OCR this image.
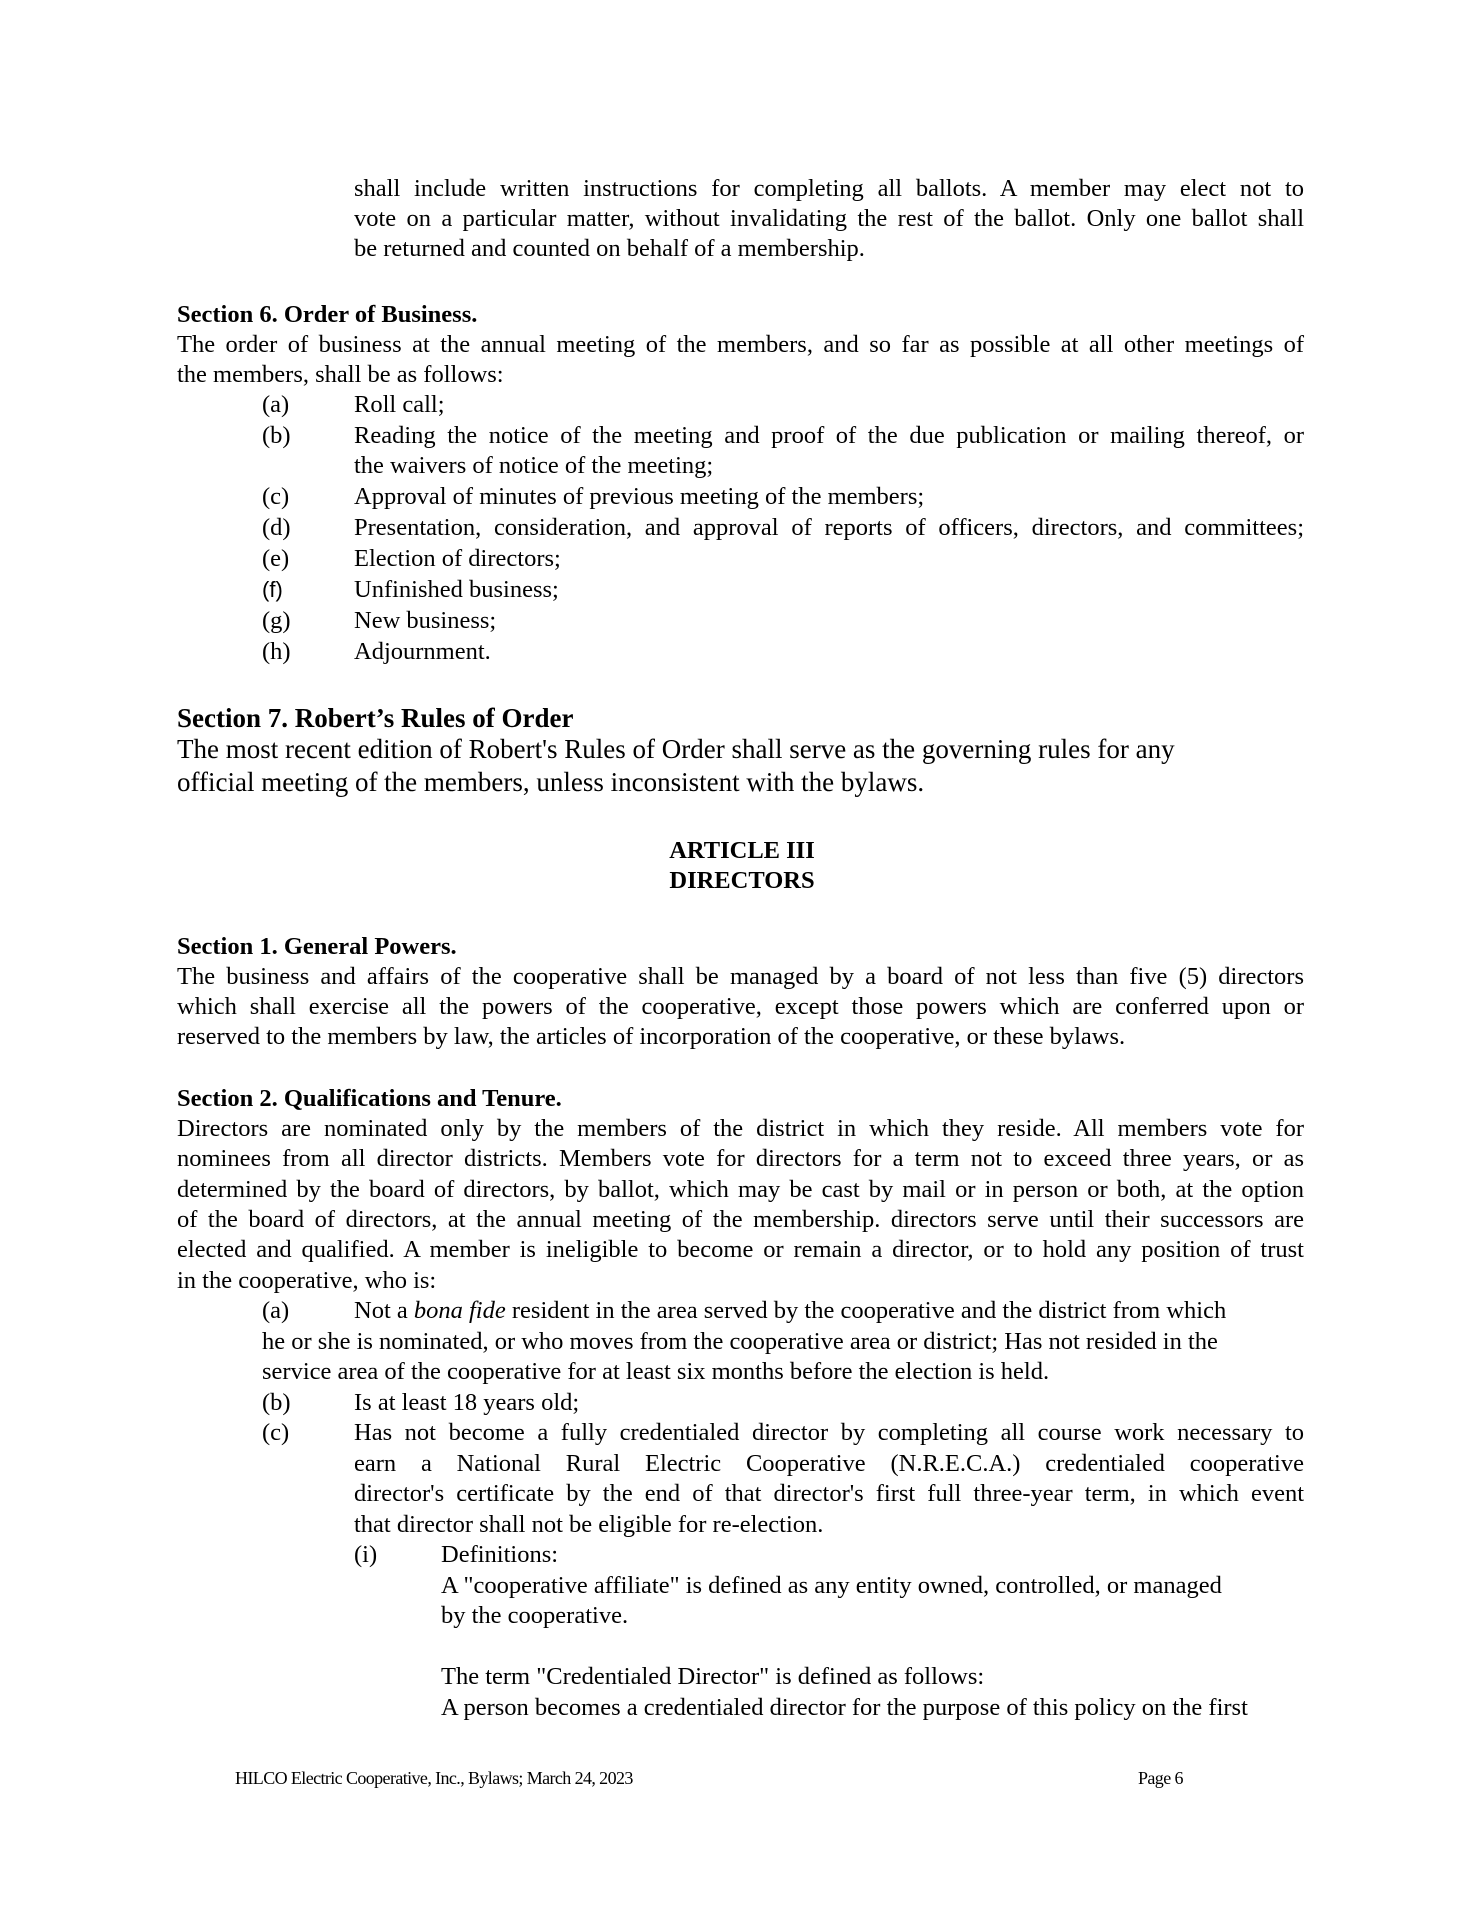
shall include written instructions for completing all ballots. A member may elect not to
vote on a particular matter, without invalidating the rest of the ballot. Only one ballot shall
be returned and counted on behalf of a membership.
Section 6. Order of Business.
The order of business at the annual meeting of the members, and so far as possible at all other meetings of
the members, shall be as follows:
(a)	Roll call;
(b)	Reading the notice of the meeting and proof of the due publication or mailing thereof, or
the waivers of notice of the meeting;
(c)	Approval of minutes of previous meeting of the members;
(d)	Presentation, consideration, and approval of reports of officers, directors, and committees;
(e)	Election of directors;
(f)	Unfinished business;
(g)	New business;
(h)	Adjournment.
Section 7. Robert’s Rules of Order
The most recent edition of Robert's Rules of Order shall serve as the governing rules for any
official meeting of the members, unless inconsistent with the bylaws.
ARTICLE III
DIRECTORS
Section 1. General Powers.
The business and affairs of the cooperative shall be managed by a board of not less than five (5) directors
which shall exercise all the powers of the cooperative, except those powers which are conferred upon or
reserved to the members by law, the articles of incorporation of the cooperative, or these bylaws.
Section 2. Qualifications and Tenure.
Directors are nominated only by the members of the district in which they reside. All members vote for
nominees from all director districts. Members vote for directors for a term not to exceed three years, or as
determined by the board of directors, by ballot, which may be cast by mail or in person or both, at the option
of the board of directors, at the annual meeting of the membership. directors serve until their successors are
elected and qualified. A member is ineligible to become or remain a director, or to hold any position of trust
in the cooperative, who is:
(a)	Not a bona fide resident in the area served by the cooperative and the district from which
he or she is nominated, or who moves from the cooperative area or district; Has not resided in the
service area of the cooperative for at least six months before the election is held.
(b)	Is at least 18 years old;
(c)	Has not become a fully credentialed director by completing all course work necessary to
earn a National Rural Electric Cooperative (N.R.E.C.A.) credentialed cooperative
director's certificate by the end of that director's first full three-year term, in which event
that director shall not be eligible for re-election.
(i)	Definitions:
A "cooperative affiliate" is defined as any entity owned, controlled, or managed
by the cooperative.
The term "Credentialed Director" is defined as follows:
A person becomes a credentialed director for the purpose of this policy on the first
HILCO Electric Cooperative, Inc., Bylaws; March 24, 2023	Page 6
